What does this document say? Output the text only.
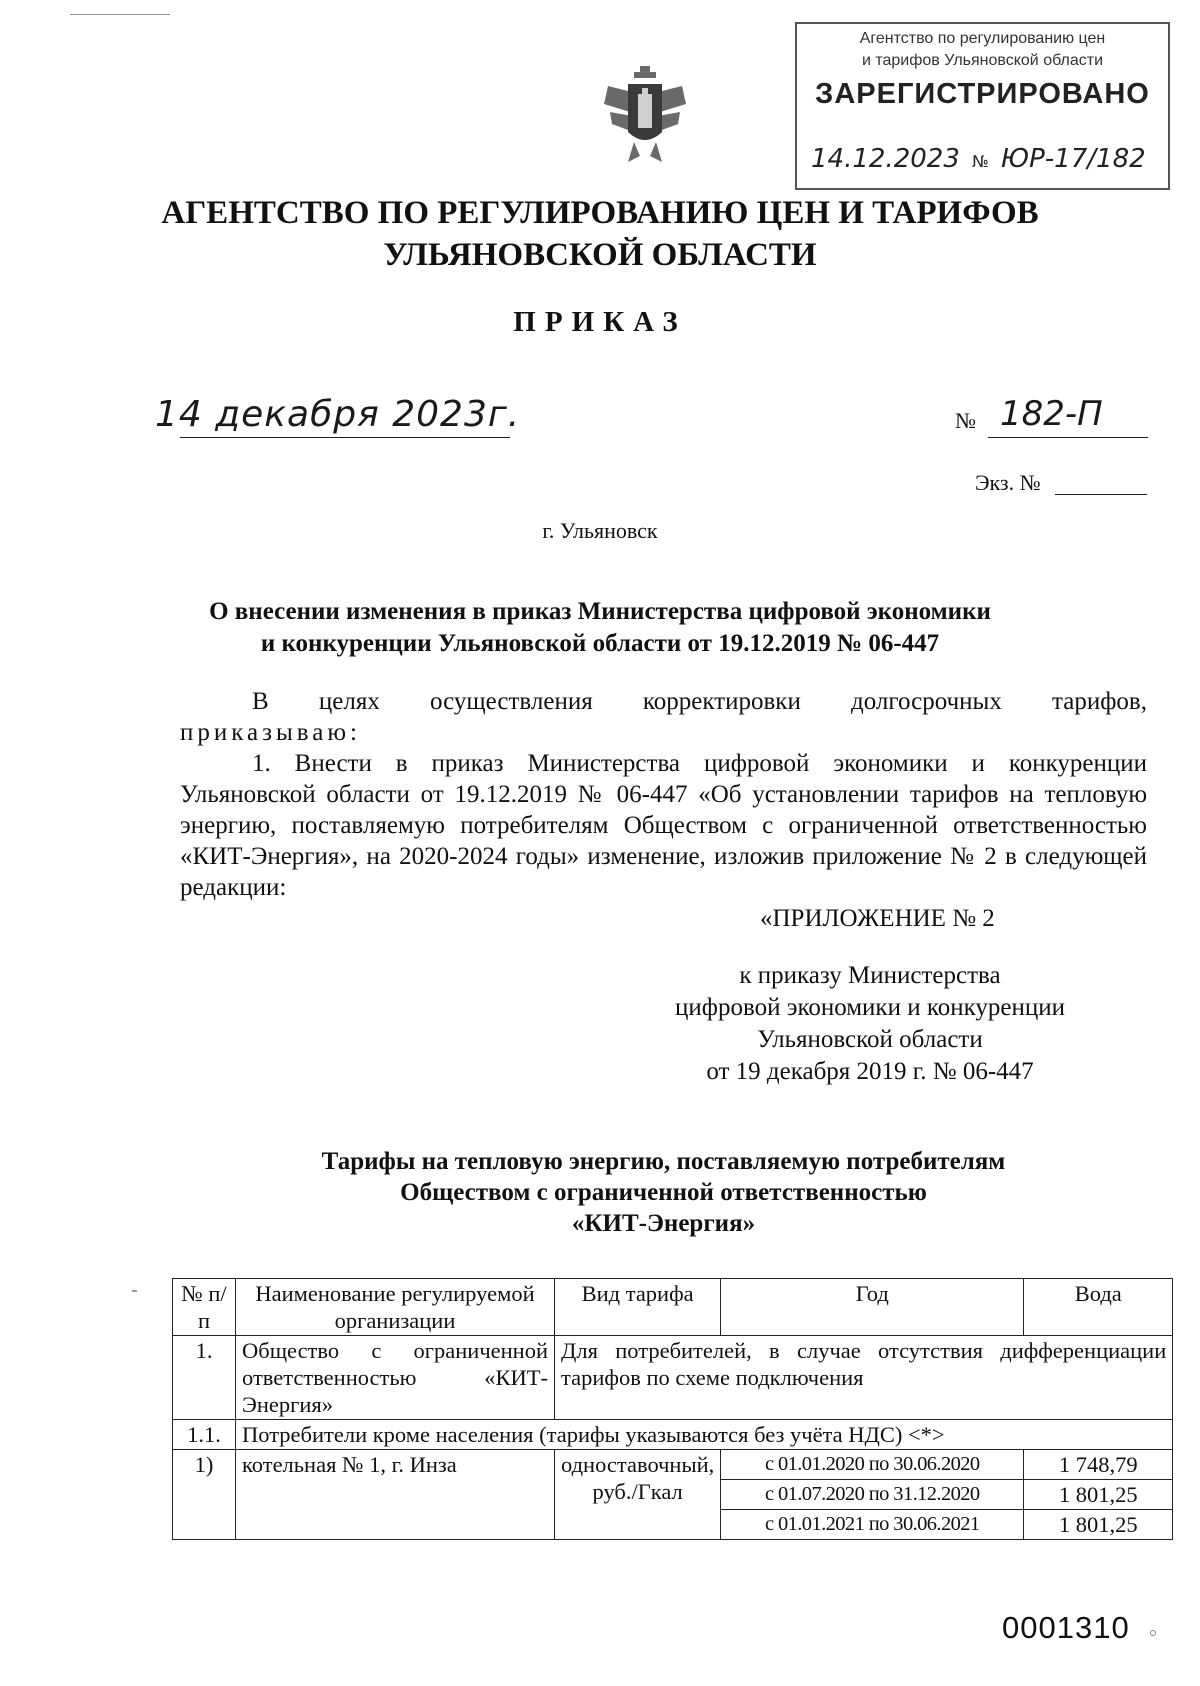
Агентство по регулированию цен
и тарифов Ульяновской области
ЗАРЕГИСТРИРОВАНО
14.12.2023 № ЮР-17/182
АГЕНТСТВО ПО РЕГУЛИРОВАНИЮ ЦЕН И ТАРИФОВ
УЛЬЯНОВСКОЙ ОБЛАСТИ
ПРИКАЗ
14 декабря 2023г.	№ 182-П
Экз. №
г. Ульяновск
О внесении изменения в приказ Министерства цифровой экономики
и конкуренции Ульяновской области от 19.12.2019 № 06-447

В целях осуществления корректировки долгосрочных тарифов,

приказываю:

1. Внести в приказ Министерства цифровой экономики и конкуренции Ульяновской области от 19.12.2019 № 06-447 «Об установлении тарифов на тепловую энергию, поставляемую потребителям Обществом с ограниченной ответственностью «КИТ-Энергия», на 2020-2024 годы» изменение, изложив приложение № 2 в следующей редакции:

«ПРИЛОЖЕНИЕ № 2
к приказу Министерства
цифровой экономики и конкуренции
Ульяновской области
от 19 декабря 2019 г. № 06-447
Тарифы на тепловую энергию, поставляемую потребителям
Обществом с ограниченной ответственностью
«КИТ-Энергия»
№ п/п	Наименование регулируемой организации	Вид тарифа	Год	Вода
1.	Общество с ограниченной ответственностью «КИТ-Энергия»	Для потребителей, в случае отсутствия дифференциации тарифов по схеме подключения		
1.1.	Потребители кроме населения (тарифы указываются без учёта НДС) <*>			
1)	котельная № 1, г. Инза	одноставочный, руб./Гкал	с 01.01.2020 по 30.06.2020	1 748,79
			с 01.07.2020 по 31.12.2020	1 801,25
			с 01.01.2021 по 30.06.2021	1 801,25
0001310
